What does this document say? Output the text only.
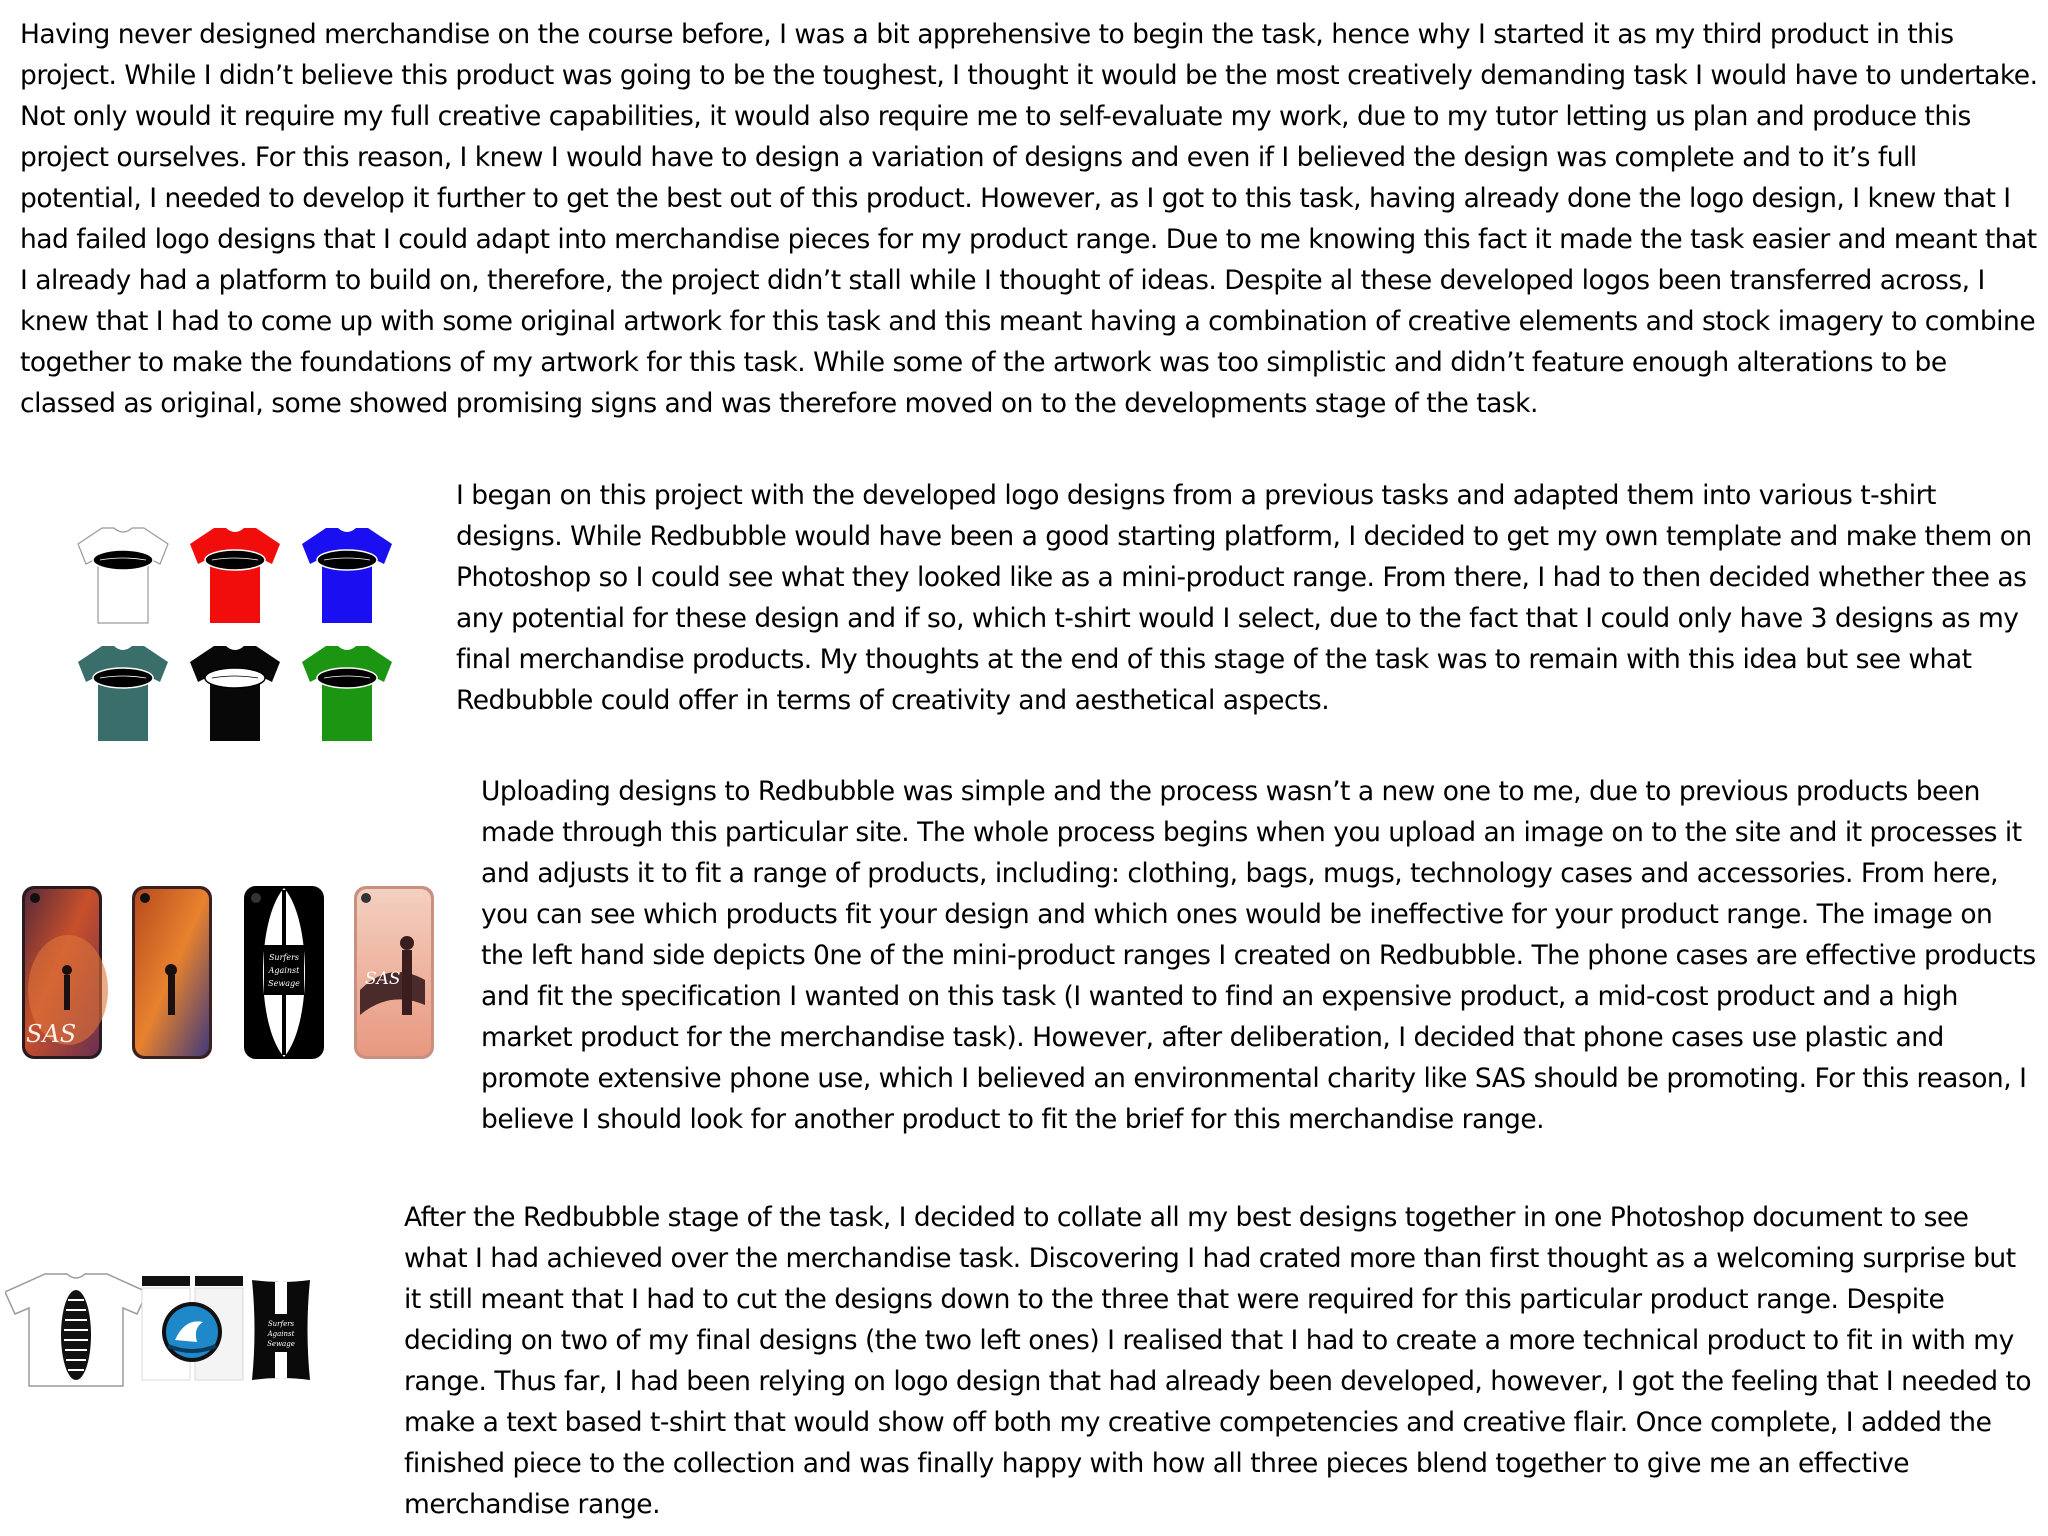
Having never designed merchandise on the course before, I was a bit apprehensive to begin the task, hence why I started it as my third product in this project. While I didn’t believe this product was going to be the toughest, I thought it would be the most creatively demanding task I would have to undertake. Not only would it require my full creative capabilities, it would also require me to self-evaluate my work, due to my tutor letting us plan and produce this project ourselves. For this reason, I knew I would have to design a variation of designs and even if I believed the design was complete and to it’s full potential, I needed to develop it further to get the best out of this product. However, as I got to this task, having already done the logo design, I knew that I had failed logo designs that I could adapt into merchandise pieces for my product range. Due to me knowing this fact it made the task easier and meant that I already had a platform to build on, therefore, the project didn’t stall while I thought of ideas. Despite al these developed logos been transferred across, I knew that I had to come up with some original artwork for this task and this meant having a combination of creative elements and stock imagery to combine together to make the foundations of my artwork for this task. While some of the artwork was too simplistic and didn’t feature enough alterations to be classed as original, some showed promising signs and was therefore moved on to the developments stage of the task.

I began on this project with the developed logo designs from a previous tasks and adapted them into various t-shirt designs. While Redbubble would have been a good starting platform, I decided to get my own template and make them on Photoshop so I could see what they looked like as a mini-product range. From there, I had to then decided whether thee as any potential for these design and if so, which t-shirt would I select, due to the fact that I could only have 3 designs as my final merchandise products. My thoughts at the end of this stage of the task was to remain with this idea but see what Redbubble could offer in terms of creativity and aesthetical aspects.

SAS
Surfers
Against
Sewage	SAS

Uploading designs to Redbubble was simple and the process wasn’t a new one to me, due to previous products been made through this particular site. The whole process begins when you upload an image on to the site and it processes it and adjusts it to fit a range of products, including: clothing, bags, mugs, technology cases and accessories. From here, you can see which products fit your design and which ones would be ineffective for your product range. The image on the left hand side depicts 0ne of the mini-product ranges I created on Redbubble. The phone cases are effective products and fit the specification I wanted on this task (I wanted to find an expensive product, a mid-cost product and a high market product for the merchandise task). However, after deliberation, I decided that phone cases use plastic and promote extensive phone use, which I believed an environmental charity like SAS should be promoting. For this reason, I believe I should look for another product to fit the brief for this merchandise range.

Surfers
Against
Sewage

After the Redbubble stage of the task, I decided to collate all my best designs together in one Photoshop document to see what I had achieved over the merchandise task. Discovering I had crated more than first thought as a welcoming surprise but it still meant that I had to cut the designs down to the three that were required for this particular product range. Despite deciding on two of my final designs (the two left ones) I realised that I had to create a more technical product to fit in with my range. Thus far, I had been relying on logo design that had already been developed, however, I got the feeling that I needed to make a text based t-shirt that would show off both my creative competencies and creative flair. Once complete, I added the finished piece to the collection and was finally happy with how all three pieces blend together to give me an effective merchandise range.
